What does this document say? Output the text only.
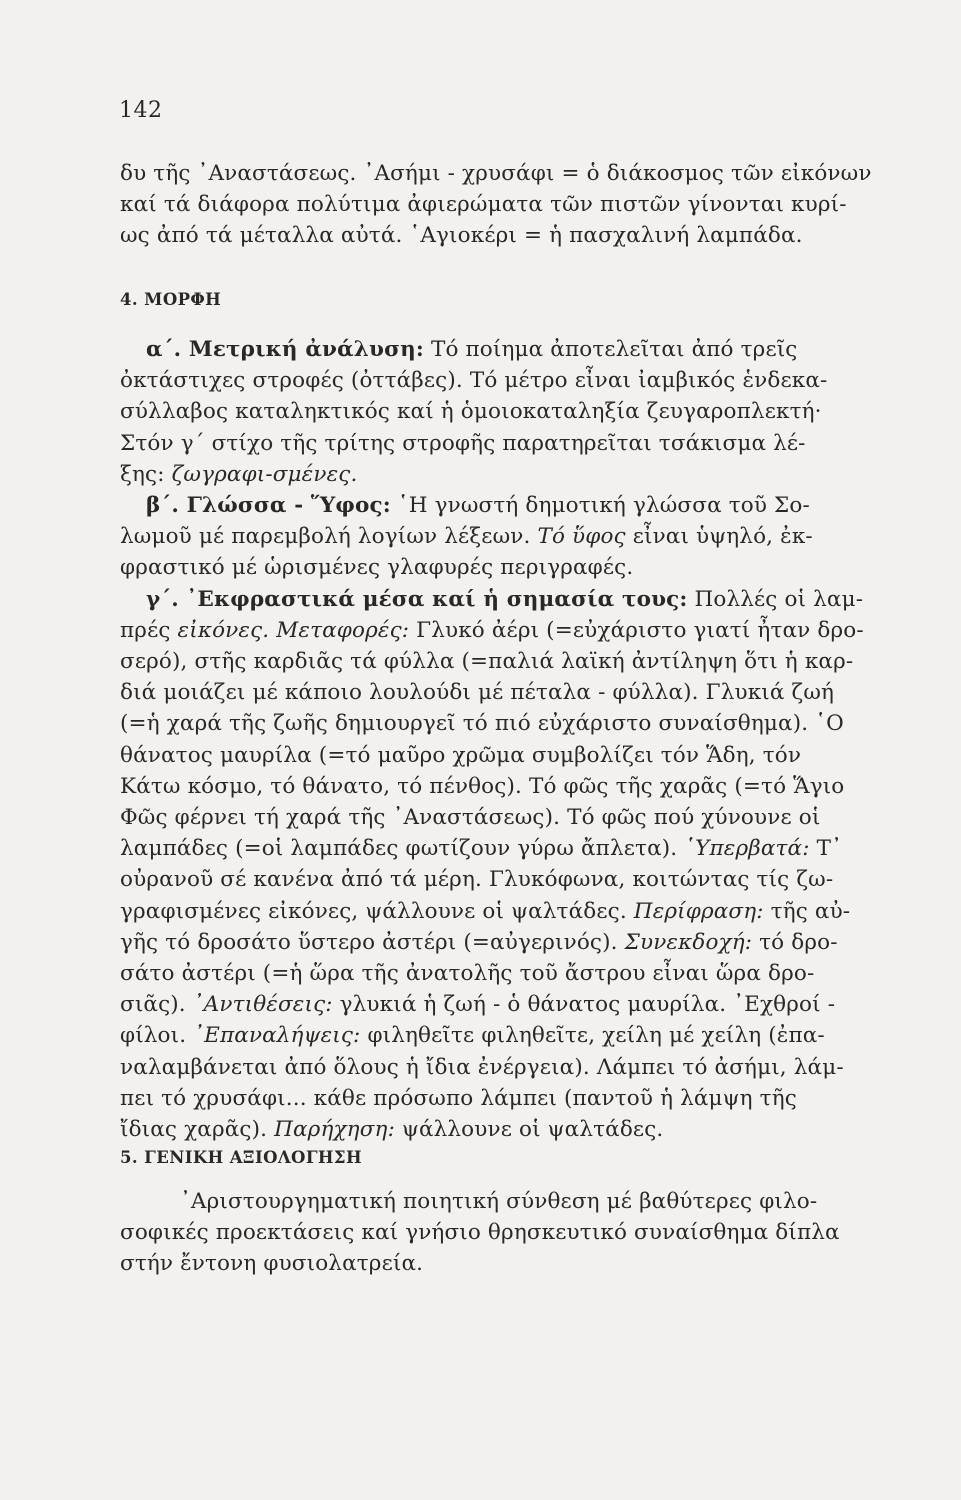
142
δυ τῆς ᾿Αναστάσεως. ᾿Ασήμι - χρυσάφι = ὁ διάκοσμος τῶν εἰκόνων
καί τά διάφορα πολύτιμα ἀφιερώματα τῶν πιστῶν γίνονται κυρί-
ως ἀπό τά μέταλλα αὐτά. ῾Αγιοκέρι = ἡ πασχαλινή λαμπάδα.
4. ΜΟΡΦΗ
α΄. Μετρική ἀνάλυση: Τό ποίημα ἀποτελεῖται ἀπό τρεῖς
ὀκτάστιχες στροφές (ὀττάβες). Τό μέτρο εἶναι ἰαμβικός ἑνδεκα-
σύλλαβος καταληκτικός καί ἡ ὁμοιοκαταληξία ζευγαροπλεκτή·
Στόν γ΄ στίχο τῆς τρίτης στροφῆς παρατηρεῖται τσάκισμα λέ-
ξης: ζωγραφι-σμένες.
β΄. Γλώσσα - Ὕφος: ῾Η γνωστή δημοτική γλώσσα τοῦ Σο-
λωμοῦ μέ παρεμβολή λογίων λέξεων. Τό ὕφος εἶναι ὑψηλό, ἐκ-
φραστικό μέ ὡρισμένες γλαφυρές περιγραφές.
γ΄. ᾿Εκφραστικά μέσα καί ἡ σημασία τους: Πολλές οἱ λαμ-
πρές εἰκόνες. Μεταφορές: Γλυκό ἀέρι (=εὐχάριστο γιατί ἦταν δρο-
σερό), στῆς καρδιᾶς τά φύλλα (=παλιά λαϊκή ἀντίληψη ὅτι ἡ καρ-
διά μοιάζει μέ κάποιο λουλούδι μέ πέταλα - φύλλα). Γλυκιά ζωή
(=ἡ χαρά τῆς ζωῆς δημιουργεῖ τό πιό εὐχάριστο συναίσθημα). ῾Ο
θάνατος μαυρίλα (=τό μαῦρο χρῶμα συμβολίζει τόν Ἅδη, τόν
Κάτω κόσμο, τό θάνατο, τό πένθος). Τό φῶς τῆς χαρᾶς (=τό Ἅγιο
Φῶς φέρνει τή χαρά τῆς ᾿Αναστάσεως). Τό φῶς πού χύνουνε οἱ
λαμπάδες (=οἱ λαμπάδες φωτίζουν γύρω ἄπλετα). ῾Υπερβατά: Τ᾿
οὐρανοῦ σέ κανένα ἀπό τά μέρη. Γλυκόφωνα, κοιτώντας τίς ζω-
γραφισμένες εἰκόνες, ψάλλουνε οἱ ψαλτάδες. Περίφραση: τῆς αὐ-
γῆς τό δροσάτο ὕστερο ἀστέρι (=αὐγερινός). Συνεκδοχή: τό δρο-
σάτο ἀστέρι (=ἡ ὥρα τῆς ἀνατολῆς τοῦ ἄστρου εἶναι ὥρα δρο-
σιᾶς). ᾿Αντιθέσεις: γλυκιά ἡ ζωή - ὁ θάνατος μαυρίλα. ᾿Εχθροί -
φίλοι. ᾿Επαναλήψεις: φιληθεῖτε φιληθεῖτε, χείλη μέ χείλη (ἐπα-
ναλαμβάνεται ἀπό ὅλους ἡ ἴδια ἐνέργεια). Λάμπει τό ἀσήμι, λάμ-
πει τό χρυσάφι... κάθε πρόσωπο λάμπει (παντοῦ ἡ λάμψη τῆς
ἴδιας χαρᾶς). Παρήχηση: ψάλλουνε οἱ ψαλτάδες.
5. ΓΕΝΙΚΗ ΑΞΙΟΛΟΓΗΣΗ
᾿Αριστουργηματική ποιητική σύνθεση μέ βαθύτερες φιλο-
σοφικές προεκτάσεις καί γνήσιο θρησκευτικό συναίσθημα δίπλα
στήν ἔντονη φυσιολατρεία.
